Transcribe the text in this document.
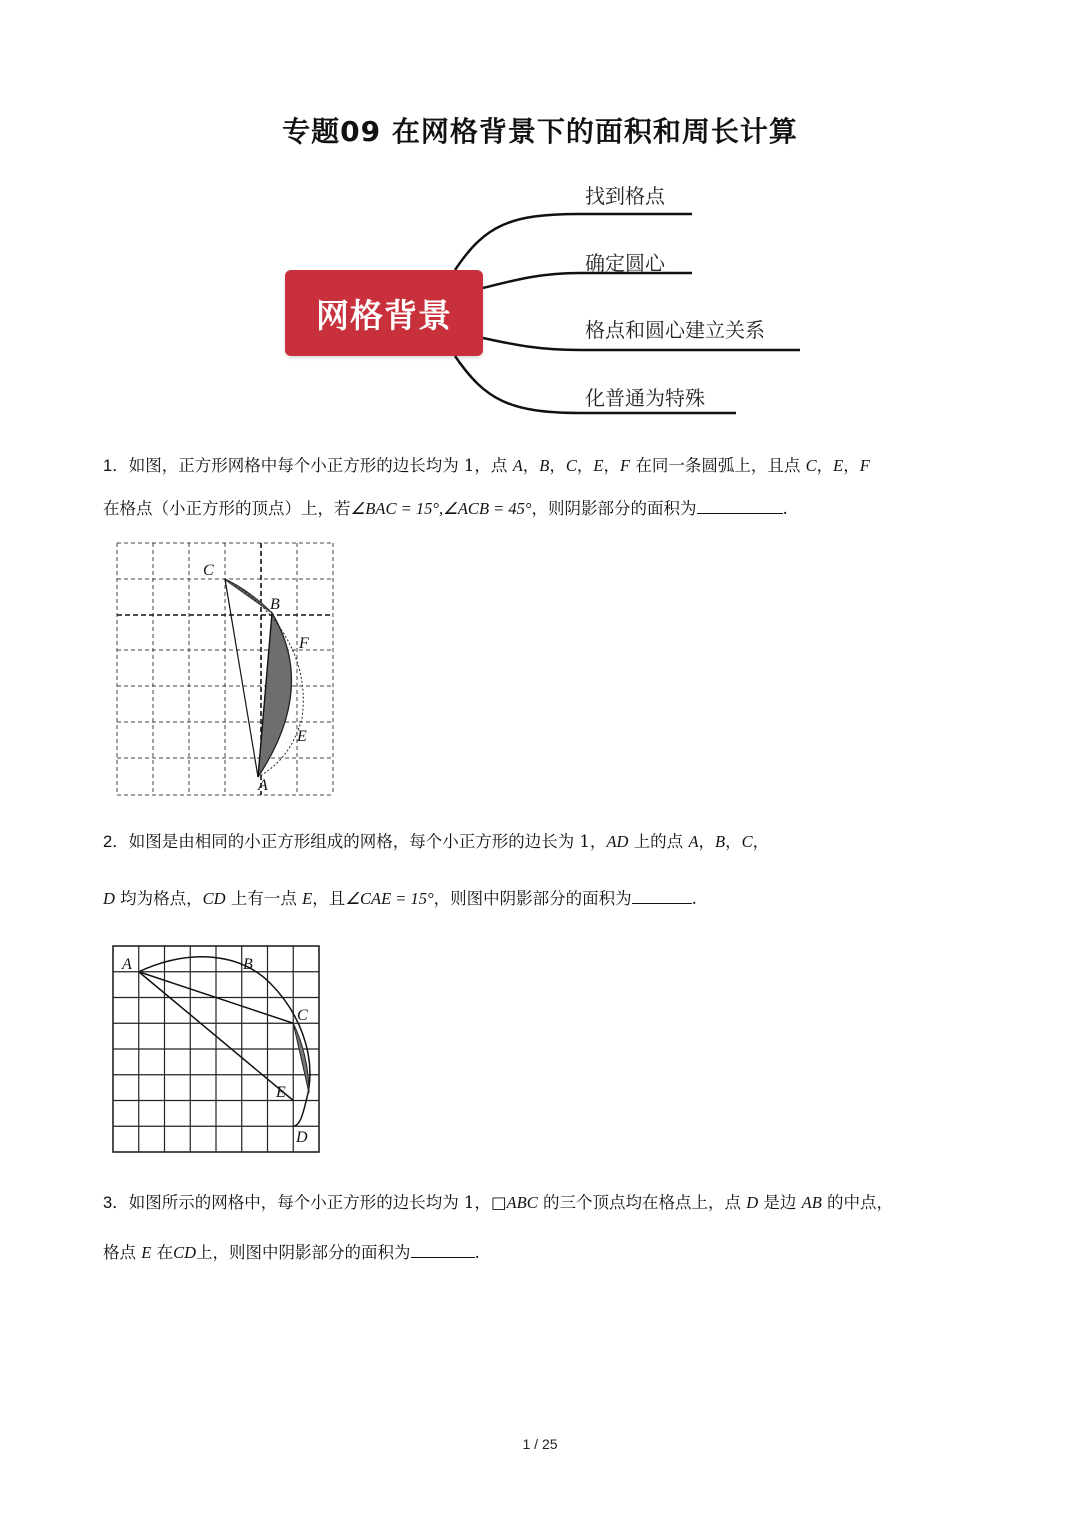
专题09 在网格背景下的面积和周长计算
网格背景
找到格点
确定圆心
格点和圆心建立关系
化普通为特殊
1．如图，正方形网格中每个小正方形的边长均为 1，点 A，B，C，E，F 在同一条圆弧上，且点 C，E，F
在格点（小正方形的顶点）上，若∠BAC = 15°,∠ACB = 45°，则阴影部分的面积为	.
C
B
F
E
A
2．如图是由相同的小正方形组成的网格，每个小正方形的边长为 1，AD 上的点 A，B，C，
D 均为格点，CD 上有一点 E，且∠CAE = 15°，则图中阴影部分的面积为	.
A	B
C
E
D
3．如图所示的网格中，每个小正方形的边长均为 1，□ABC 的三个顶点均在格点上，点 D 是边 AB 的中点，
格点 E 在CD上，则图中阴影部分的面积为	.
1 / 25
